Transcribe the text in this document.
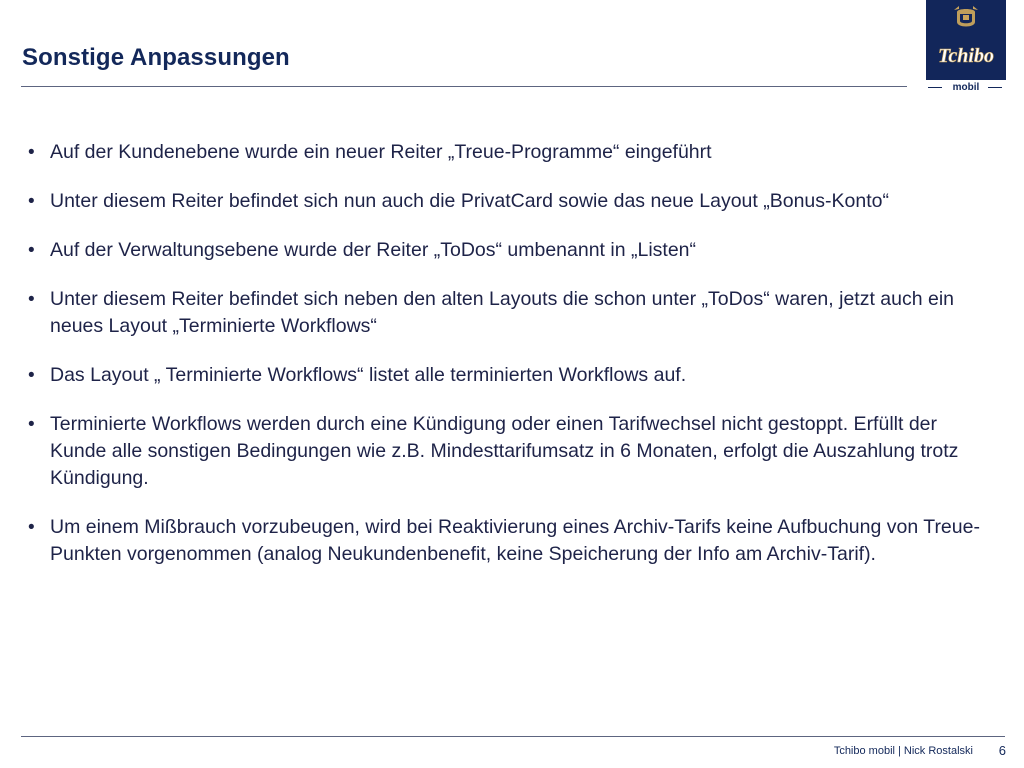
Sonstige Anpassungen	Tchibo
mobil
• Auf der Kundenebene wurde ein neuer Reiter „Treue-Programme“ eingeführt
• Unter diesem Reiter befindet sich nun auch die PrivatCard sowie das neue Layout „Bonus-Konto“
• Auf der Verwaltungsebene wurde der Reiter „ToDos“ umbenannt in „Listen“
• Unter diesem Reiter befindet sich neben den alten Layouts die schon unter „ToDos“ waren, jetzt auch ein neues Layout „Terminierte Workflows“
• Das Layout „ Terminierte Workflows“ listet alle terminierten Workflows auf.
• Terminierte Workflows werden durch eine Kündigung oder einen Tarifwechsel nicht gestoppt. Erfüllt der Kunde alle sonstigen Bedingungen wie z.B. Mindesttarifumsatz in 6 Monaten, erfolgt die Auszahlung trotz Kündigung.
• Um einem Mißbrauch vorzubeugen, wird bei Reaktivierung eines Archiv-Tarifs keine Aufbuchung von Treue-Punkten vorgenommen (analog Neukundenbenefit, keine Speicherung der Info am Archiv-Tarif).
Tchibo mobil | Nick Rostalski 6
